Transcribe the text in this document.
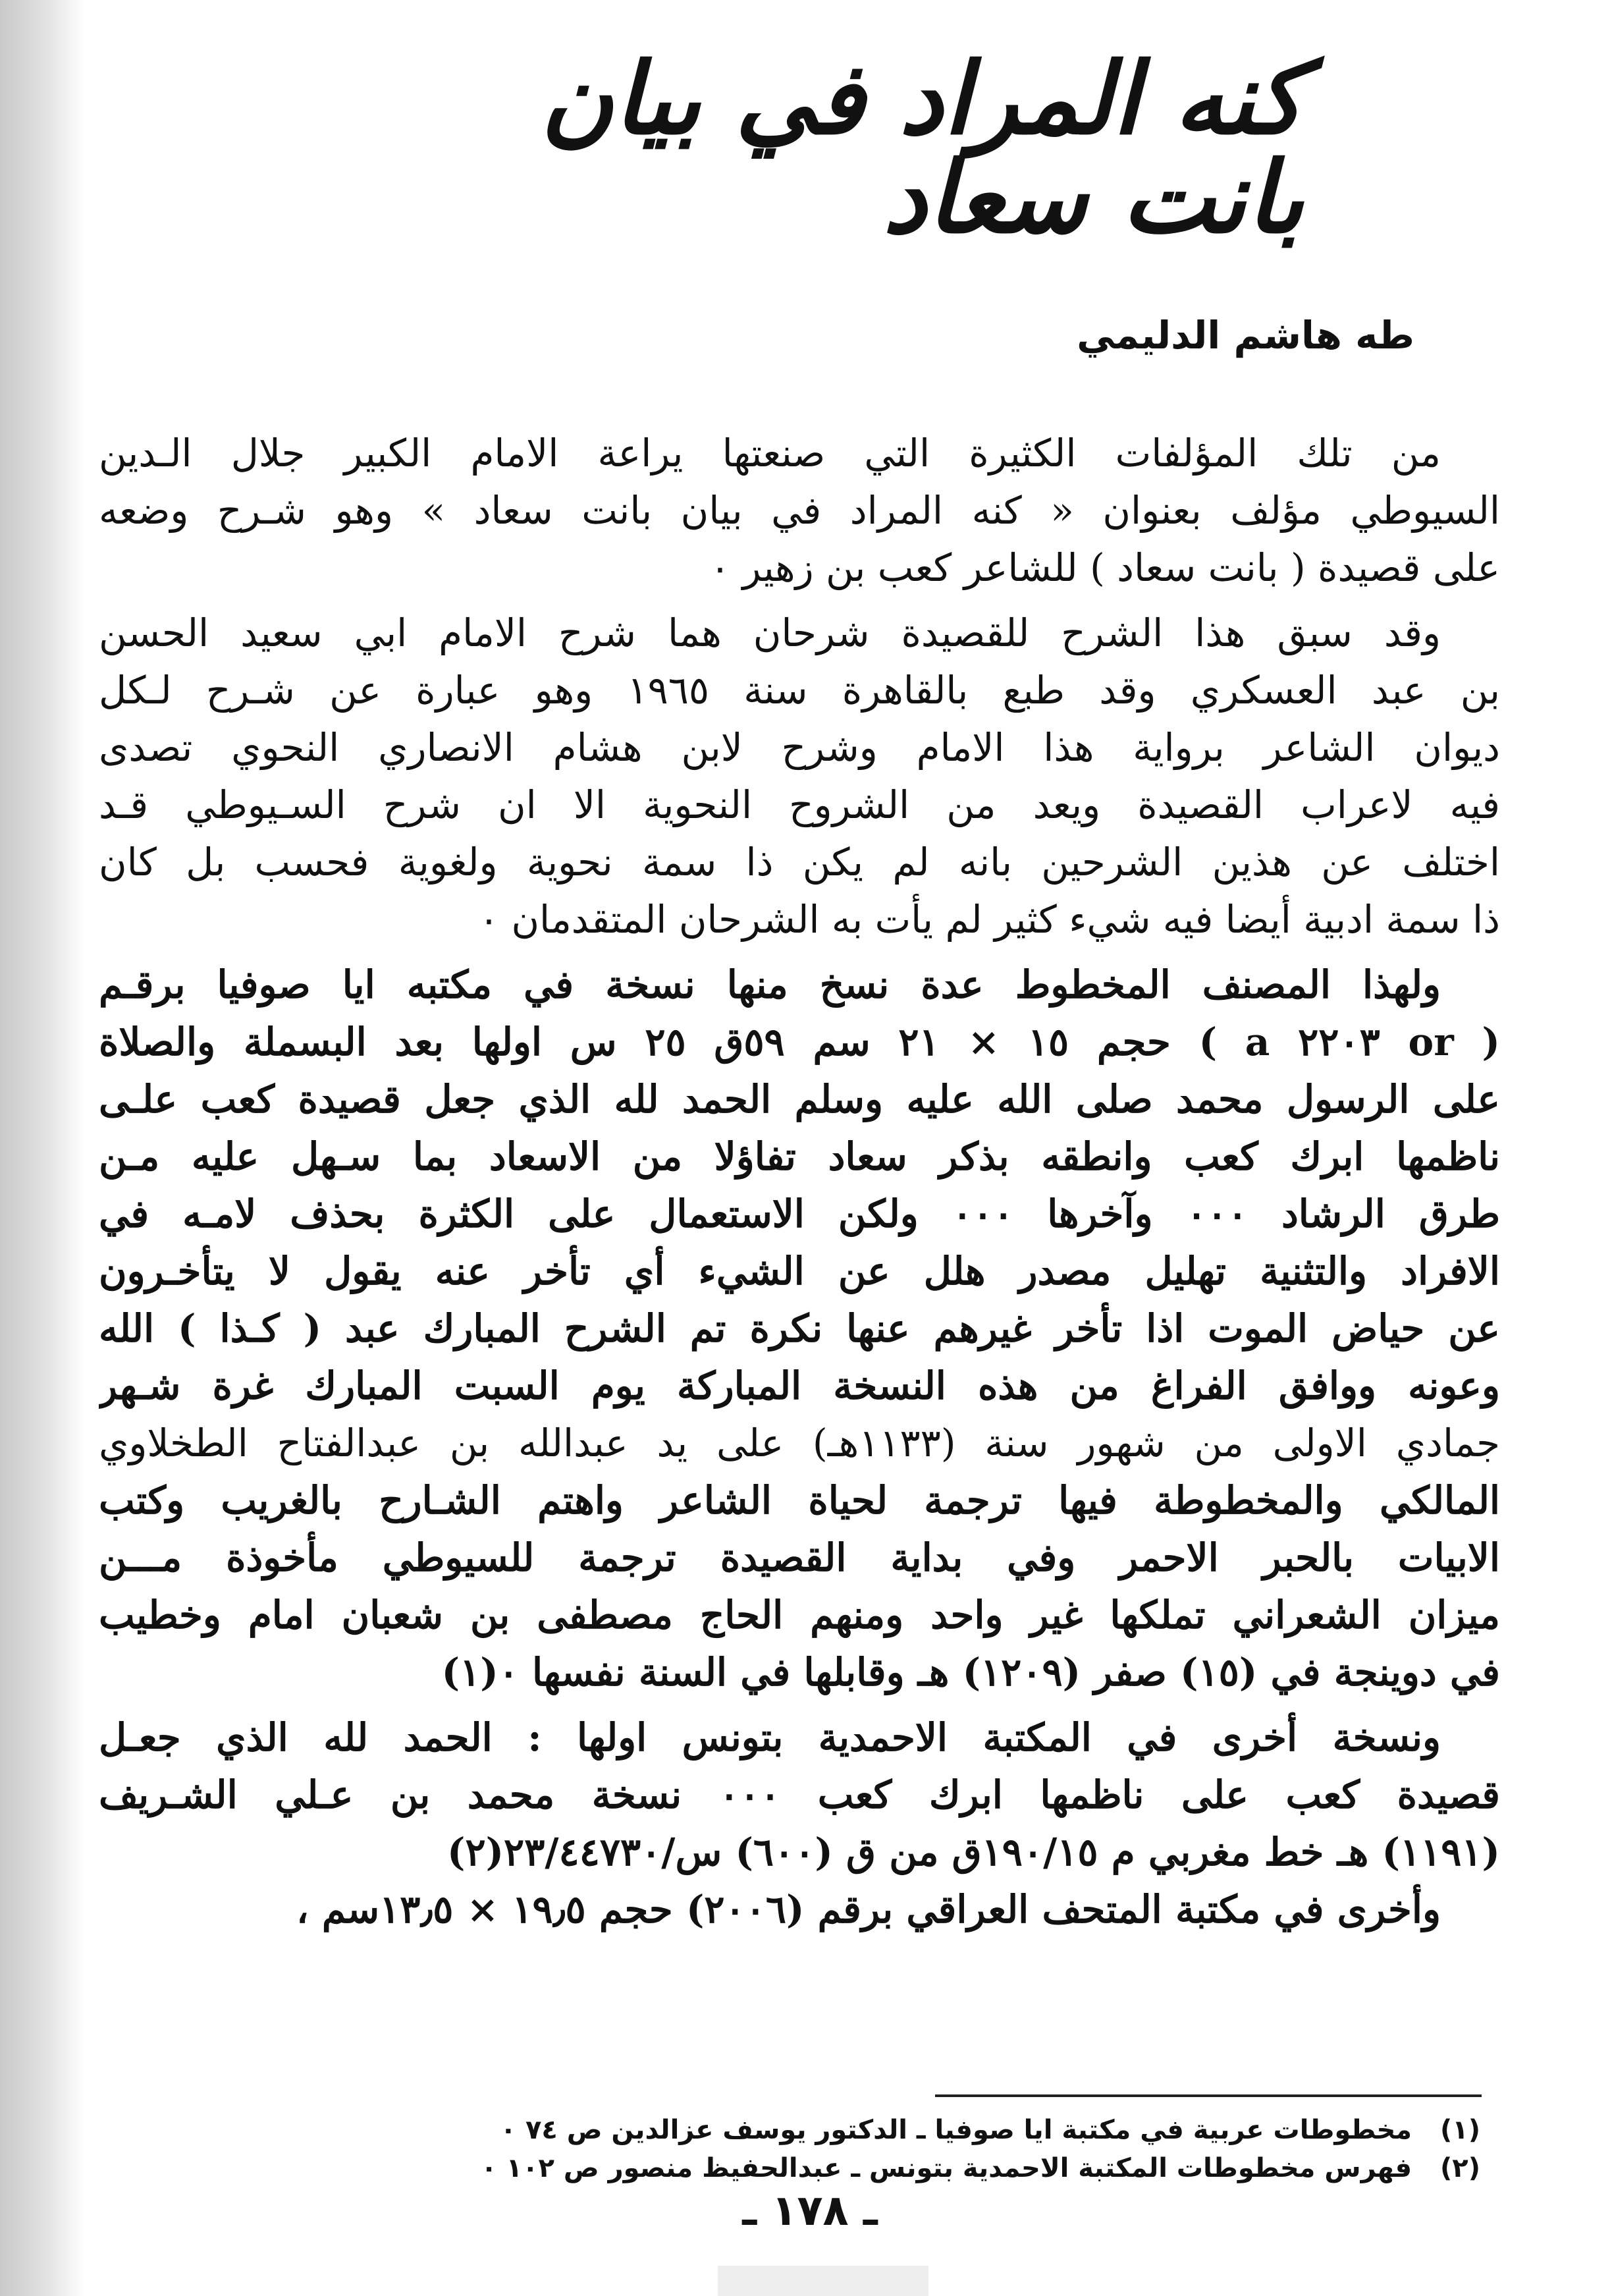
كنه المراد في بيان بانت سعاد
طه هاشم الدليمي
من تلك المؤلفات الكثيرة التي صنعتها يراعة الامام الكبير جلال الـدين
السيوطي مؤلف بعنوان « كنه المراد في بيان بانت سعاد » وهو شـرح وضعه
على قصيدة ( بانت سعاد ) للشاعر كعب بن زهير ٠
وقد سبق هذا الشرح للقصيدة شرحان هما شرح الامام ابي سعيد الحسن
بن عبد العسكري وقد طبع بالقاهرة سنة ١٩٦٥ وهو عبارة عن شـرح لـكل
ديوان الشاعر برواية هذا الامام وشرح لابن هشام الانصاري النحوي تصدى
فيه لاعراب القصيدة ويعد من الشروح النحوية الا ان شرح السـيوطي قـد
اختلف عن هذين الشرحين بانه لم يكن ذا سمة نحوية ولغوية فحسب بل كان
ذا سمة ادبية أيضا فيه شيء كثير لم يأت به الشرحان المتقدمان ٠
ولهذا المصنف المخطوط عدة نسخ منها نسخة في مكتبه ايا صوفيا برقـم
( or ٢٢٠٣ a ) حجم ١٥ × ٢١ سم ٥٩ق ٢٥ س اولها بعد البسملة والصلاة
على الرسول محمد صلى الله عليه وسلم الحمد لله الذي جعل قصيدة كعب علـى
ناظمها ابرك كعب وانطقه بذكر سعاد تفاؤلا من الاسعاد بما سـهل عليه مـن
طرق الرشاد ٠٠٠ وآخرها ٠٠٠ ولكن الاستعمال على الكثرة بحذف لامـه في
الافراد والتثنية تهليل مصدر هلل عن الشيء أي تأخر عنه يقول لا يتأخـرون
عن حياض الموت اذا تأخر غيرهم عنها نكرة تم الشرح المبارك عبد ( كـذا ) الله
وعونه ووافق الفراغ من هذه النسخة المباركة يوم السبت المبارك غرة شـهر
جمادي الاولى من شهور سنة (١١٣٣هـ) على يد عبدالله بن عبدالفتاح الطخلاوي
المالكي والمخطوطة فيها ترجمة لحياة الشاعر واهتم الشـارح بالغريب وكتب
الابيات بالحبر الاحمر وفي بداية القصيدة ترجمة للسيوطي مأخوذة مـــن
ميزان الشعراني تملكها غير واحد ومنهم الحاج مصطفى بن شعبان امام وخطيب
في دوينجة في (١٥) صفر (١٢٠٩) هـ وقابلها في السنة نفسها ٠(١)
ونسخة أخرى في المكتبة الاحمدية بتونس اولها : الحمد لله الذي جعـل
قصيدة كعب على ناظمها ابرك كعب ٠٠٠ نسخة محمد بن عـلي الشـريف
(١١٩١) هـ خط مغربي م ١٩٠/١٥ق من ق (٦٠٠) س/٢٣/٤٤٧٣٠(٢)
وأخرى في مكتبة المتحف العراقي برقم (٢٠٠٦) حجم ١٩٫٥ × ١٣٫٥سم ،
(١) مخطوطات عربية في مكتبة ايا صوفيا ـ الدكتور يوسف عزالدين ص ٧٤ ٠
(٢) فهرس مخطوطات المكتبة الاحمدية بتونس ـ عبدالحفيظ منصور ص ١٠٢ ٠
ـ ١٧٨ ـ
